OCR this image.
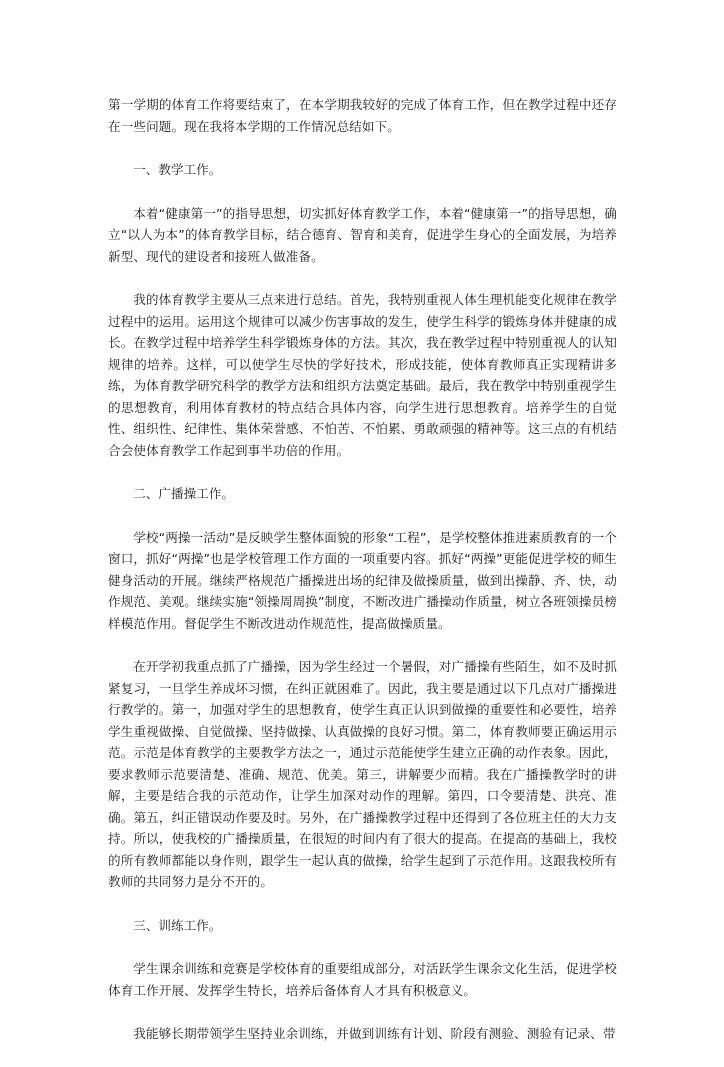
第一学期的体育工作将要结束了，在本学期我较好的完成了体育工作，但在教学过程中还存在一些问题。现在我将本学期的工作情况总结如下。

一、教学工作。

本着“健康第一”的指导思想，切实抓好体育教学工作，本着“健康第一”的指导思想，确立“以人为本”的体育教学目标，结合德育、智育和美育，促进学生身心的全面发展，为培养新型、现代的建设者和接班人做准备。

我的体育教学主要从三点来进行总结。首先，我特别重视人体生理机能变化规律在教学过程中的运用。运用这个规律可以减少伤害事故的发生，使学生科学的锻炼身体并健康的成长。在教学过程中培养学生科学锻炼身体的方法。其次，我在教学过程中特别重视人的认知规律的培养。这样，可以使学生尽快的学好技术，形成技能，使体育教师真正实现精讲多练，为体育教学研究科学的教学方法和组织方法奠定基础。最后，我在教学中特别重视学生的思想教育，利用体育教材的特点结合具体内容，向学生进行思想教育。培养学生的自觉性、组织性、纪律性、集体荣誉感、不怕苦、不怕累、勇敢顽强的精神等。这三点的有机结合会使体育教学工作起到事半功倍的作用。

二、广播操工作。

学校“两操一活动”是反映学生整体面貌的形象“工程”，是学校整体推进素质教育的一个窗口，抓好“两操”也是学校管理工作方面的一项重要内容。抓好“两操”更能促进学校的师生健身活动的开展。继续严格规范广播操进出场的纪律及做操质量，做到出操静、齐、快，动作规范、美观。继续实施“领操周周换”制度，不断改进广播操动作质量，树立各班领操员榜样模范作用。督促学生不断改进动作规范性，提高做操质量。

在开学初我重点抓了广播操，因为学生经过一个暑假，对广播操有些陌生，如不及时抓紧复习，一旦学生养成坏习惯，在纠正就困难了。因此，我主要是通过以下几点对广播操进行教学的。第一，加强对学生的思想教育，使学生真正认识到做操的重要性和必要性，培养学生重视做操、自觉做操、坚持做操、认真做操的良好习惯。第二，体育教师要正确运用示范。示范是体育教学的主要教学方法之一，通过示范能使学生建立正确的动作表象。因此，要求教师示范要清楚、准确、规范、优美。第三，讲解要少而精。我在广播操教学时的讲解，主要是结合我的示范动作，让学生加深对动作的理解。第四，口令要清楚、洪亮、准确。第五，纠正错误动作要及时。另外，在广播操教学过程中还得到了各位班主任的大力支持。所以，使我校的广播操质量，在很短的时间内有了很大的提高。在提高的基础上，我校的所有教师都能以身作则，跟学生一起认真的做操，给学生起到了示范作用。这跟我校所有教师的共同努力是分不开的。

三、训练工作。

学生课余训练和竞赛是学校体育的重要组成部分，对活跃学生课余文化生活，促进学校体育工作开展、发挥学生特长，培养后备体育人才具有积极意义。

我能够长期带领学生坚持业余训练，并做到训练有计划、阶段有测验、测验有记录、带
